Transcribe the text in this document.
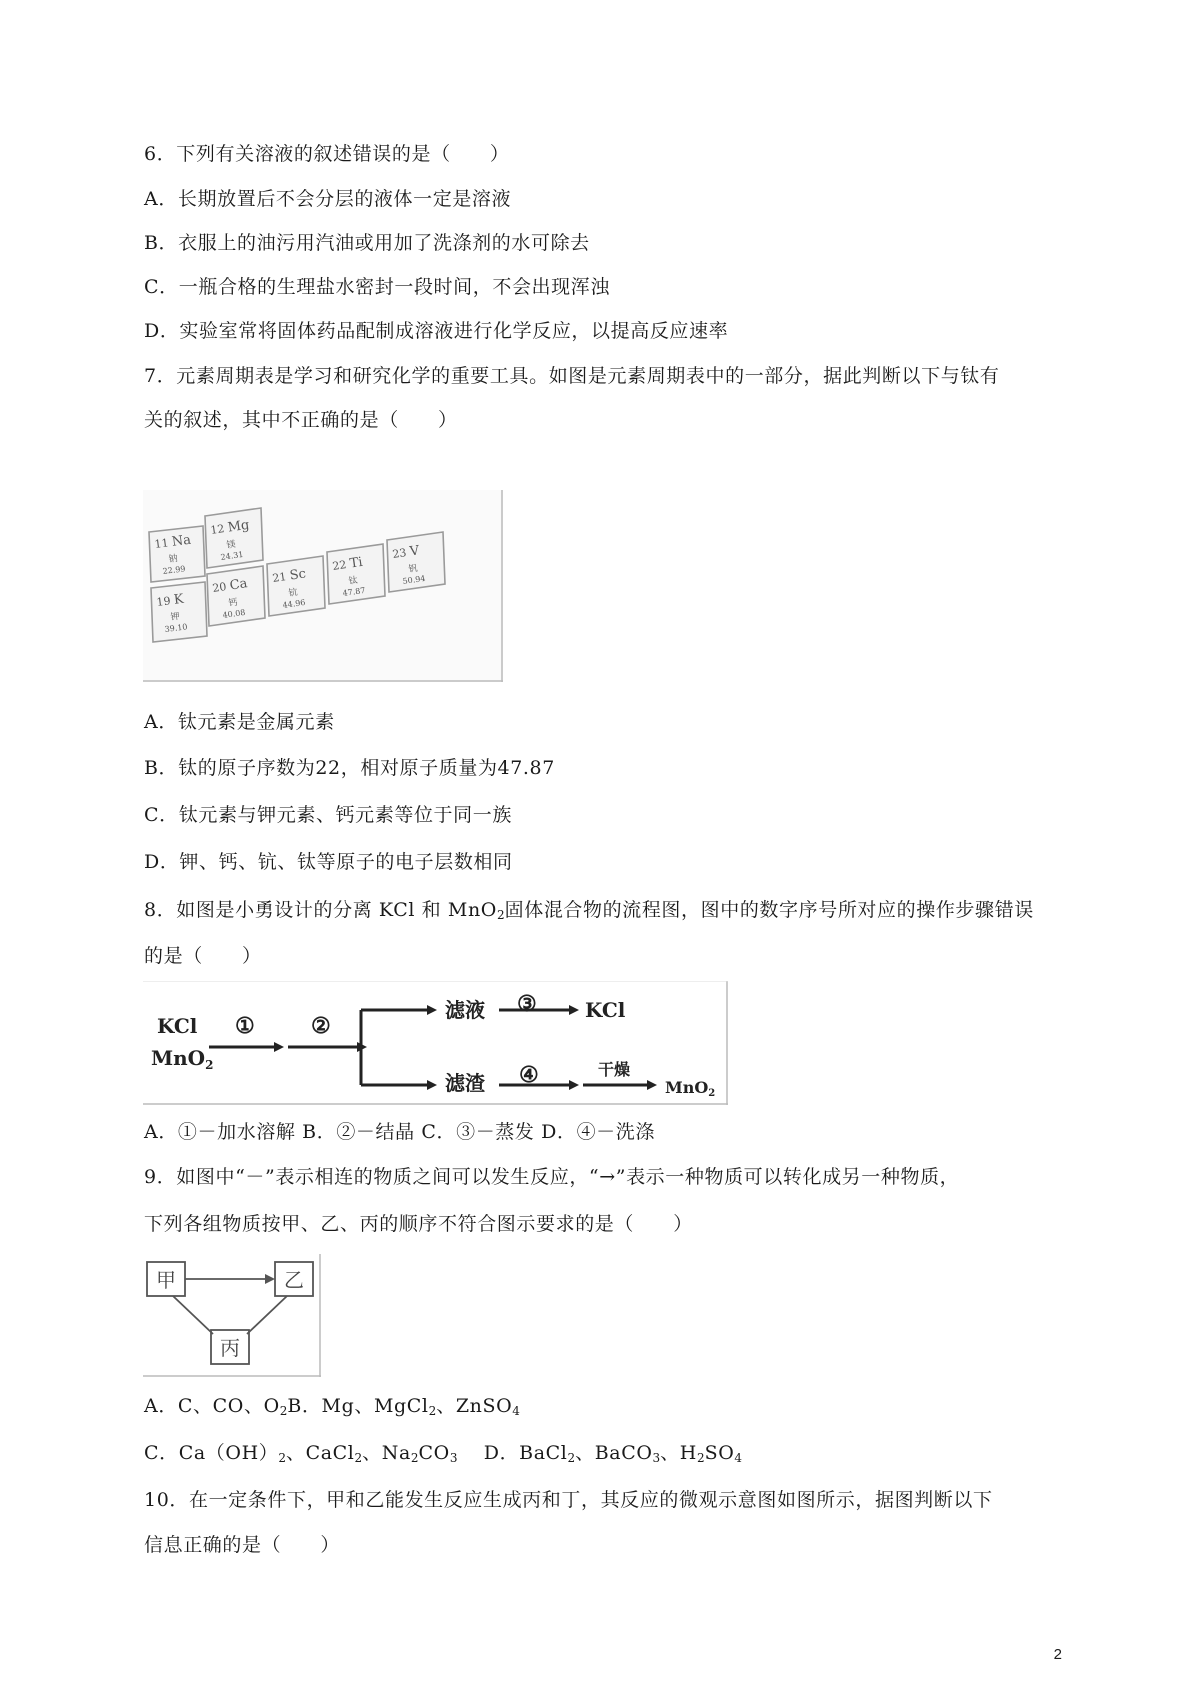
6．下列有关溶液的叙述错误的是（　　）
A．长期放置后不会分层的液体一定是溶液
B．衣服上的油污用汽油或用加了洗涤剂的水可除去
C．一瓶合格的生理盐水密封一段时间，不会出现浑浊
D．实验室常将固体药品配制成溶液进行化学反应，以提高反应速率
7．元素周期表是学习和研究化学的重要工具。如图是元素周期表中的一部分，据此判断以下与钛有
关的叙述，其中不正确的是（　　）
11 Na
钠
22.99
12 Mg
镁
24.31
19 K
钾
39.10
20 Ca
钙
40.08
21 Sc
钪
44.96
22 Ti
钛
47.87
23 V
钒
50.94
A．钛元素是金属元素
B．钛的原子序数为22，相对原子质量为47.87
C．钛元素与钾元素、钙元素等位于同一族
D．钾、钙、钪、钛等原子的电子层数相同
8．如图是小勇设计的分离 KCl 和 MnO$_2$固体混合物的流程图，图中的数字序号所对应的操作步骤错误
的是（　　）
KCl
MnO$_2$
①	②
滤液 ③ KCl
滤渣 ④	干燥
MnO2
A．①－加水溶解 B．②－结晶 C．③－蒸发 D．④－洗涤
9．如图中“－”表示相连的物质之间可以发生反应，“→”表示一种物质可以转化成另一种物质，
下列各组物质按甲、乙、丙的顺序不符合图示要求的是（　　）
甲	乙
丙
A．C、CO、$O_2B$．Mg、MgCl$_2$、ZnSO$_4$
C．$Ca(OH)_2$、CaCl$_2$、$Na_2CO_3$　 D．BaCl$_2$、BaCO$_3$、$H_2SO_4$
10．在一定条件下，甲和乙能发生反应生成丙和丁，其反应的微观示意图如图所示，据图判断以下
信息正确的是（　　）
2
